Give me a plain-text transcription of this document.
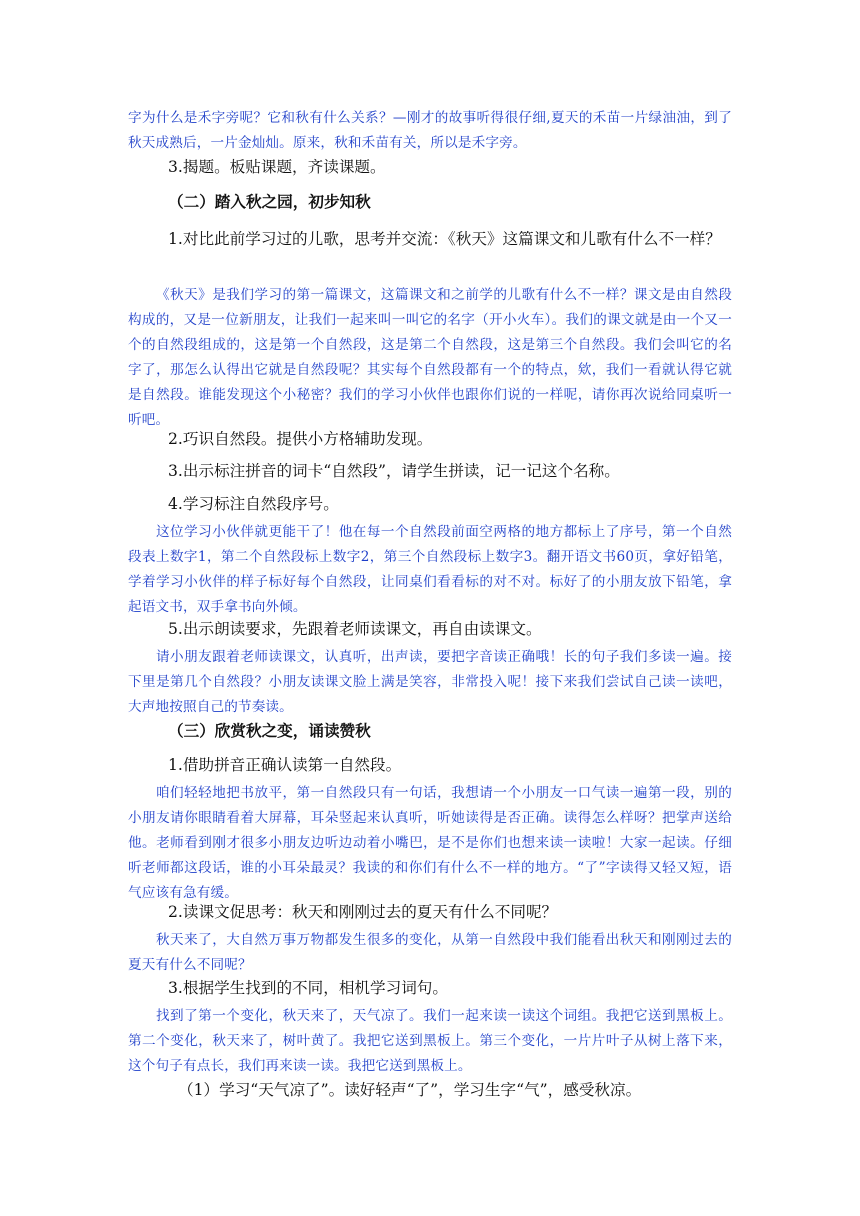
字为什么是禾字旁呢？它和秋有什么关系？—刚才的故事听得很仔细,夏天的禾苗一片绿油油，到了秋天成熟后，一片金灿灿。原来，秋和禾苗有关，所以是禾字旁。

3.揭题。板贴课题，齐读课题。

（二）踏入秋之园，初步知秋

1.对比此前学习过的儿歌，思考并交流：《秋天》这篇课文和儿歌有什么不一样？

《秋天》是我们学习的第一篇课文，这篇课文和之前学的儿歌有什么不一样？课文是由自然段构成的，又是一位新朋友，让我们一起来叫一叫它的名字（开小火车）。我们的课文就是由一个又一个的自然段组成的，这是第一个自然段，这是第二个自然段，这是第三个自然段。我们会叫它的名字了，那怎么认得出它就是自然段呢？其实每个自然段都有一个的特点，欸，我们一看就认得它就是自然段。谁能发现这个小秘密？我们的学习小伙伴也跟你们说的一样呢，请你再次说给同桌听一听吧。

2.巧识自然段。提供小方格辅助发现。

3.出示标注拼音的词卡“自然段”，请学生拼读，记一记这个名称。

4.学习标注自然段序号。

这位学习小伙伴就更能干了！他在每一个自然段前面空两格的地方都标上了序号，第一个自然段表上数字1，第二个自然段标上数字2，第三个自然段标上数字3。翻开语文书60页，拿好铅笔，学着学习小伙伴的样子标好每个自然段，让同桌们看看标的对不对。标好了的小朋友放下铅笔，拿起语文书，双手拿书向外倾。

5.出示朗读要求，先跟着老师读课文，再自由读课文。

请小朋友跟着老师读课文，认真听，出声读，要把字音读正确哦！长的句子我们多读一遍。接下里是第几个自然段？小朋友读课文脸上满是笑容，非常投入呢！接下来我们尝试自己读一读吧，大声地按照自己的节奏读。

（三）欣赏秋之变，诵读赞秋

1.借助拼音正确认读第一自然段。

咱们轻轻地把书放平，第一自然段只有一句话，我想请一个小朋友一口气读一遍第一段，别的小朋友请你眼睛看着大屏幕，耳朵竖起来认真听，听她读得是否正确。读得怎么样呀？把掌声送给他。老师看到刚才很多小朋友边听边动着小嘴巴，是不是你们也想来读一读啦！大家一起读。仔细听老师都这段话，谁的小耳朵最灵？我读的和你们有什么不一样的地方。“了”字读得又轻又短，语气应该有急有缓。

2.读课文促思考：秋天和刚刚过去的夏天有什么不同呢？

秋天来了，大自然万事万物都发生很多的变化，从第一自然段中我们能看出秋天和刚刚过去的夏天有什么不同呢？

3.根据学生找到的不同，相机学习词句。

找到了第一个变化，秋天来了，天气凉了。我们一起来读一读这个词组。我把它送到黑板上。第二个变化，秋天来了，树叶黄了。我把它送到黑板上。第三个变化，一片片叶子从树上落下来，这个句子有点长，我们再来读一读。我把它送到黑板上。

（1）学习“天气凉了”。读好轻声“了”，学习生字“气”，感受秋凉。
